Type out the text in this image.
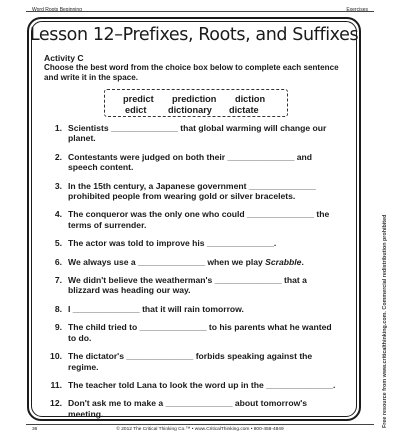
Word Roots Beginning	Exercises
Lesson 12–Prefixes, Roots, and Suffixes
Activity C
Choose the best word from the choice box below to complete each sentence and write it in the space.
predict prediction diction
edict dictionary dictate
1. Scientists ______________ that global warming will change our planet.
2. Contestants were judged on both their ______________ and speech content.
3. In the 15th century, a Japanese government ______________ prohibited people from wearing gold or silver bracelets.
4. The conqueror was the only one who could ______________ the terms of surrender.
5. The actor was told to improve his ______________.
6. We always use a ______________ when we play Scrabble.
7. We didn't believe the weatherman's ______________ that a blizzard was heading our way.
8. I ______________ that it will rain tomorrow.
9. The child tried to ______________ to his parents what he wanted to do.
10. The dictator's ______________ forbids speaking against the regime.
11. The teacher told Lana to look the word up in the ______________.
12. Don't ask me to make a ______________ about tomorrow's meeting.	Free resource from www.criticalthinking.com. Commercial redistribution prohibited
36	© 2012 The Critical Thinking Co.™ • www.CriticalThinking.com • 800-458-4849
